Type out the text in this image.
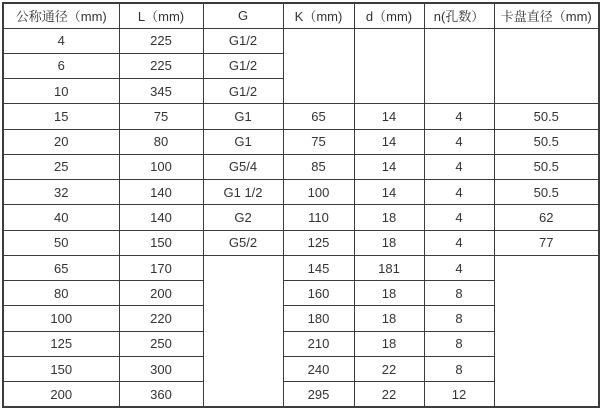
公称通径（mm)	L（mm)	G	K（mm)	d（mm)	n(孔数）	卡盘直径（mm)
4	225	G1/2				
6	225	G1/2				
10	345	G1/2				
15	75	G1	65	14	4	50.5
20	80	G1	75	14	4	50.5
25	100	G5/4	85	14	4	50.5
32	140	G1 1/2	100	14	4	50.5
40	140	G2	110	18	4	62
50	150	G5/2	125	18	4	77
65	170		145	181	4	
80	200		160	18	8	
100	220		180	18	8	
125	250		210	18	8	
150	300		240	22	8	
200	360		295	22	12	
